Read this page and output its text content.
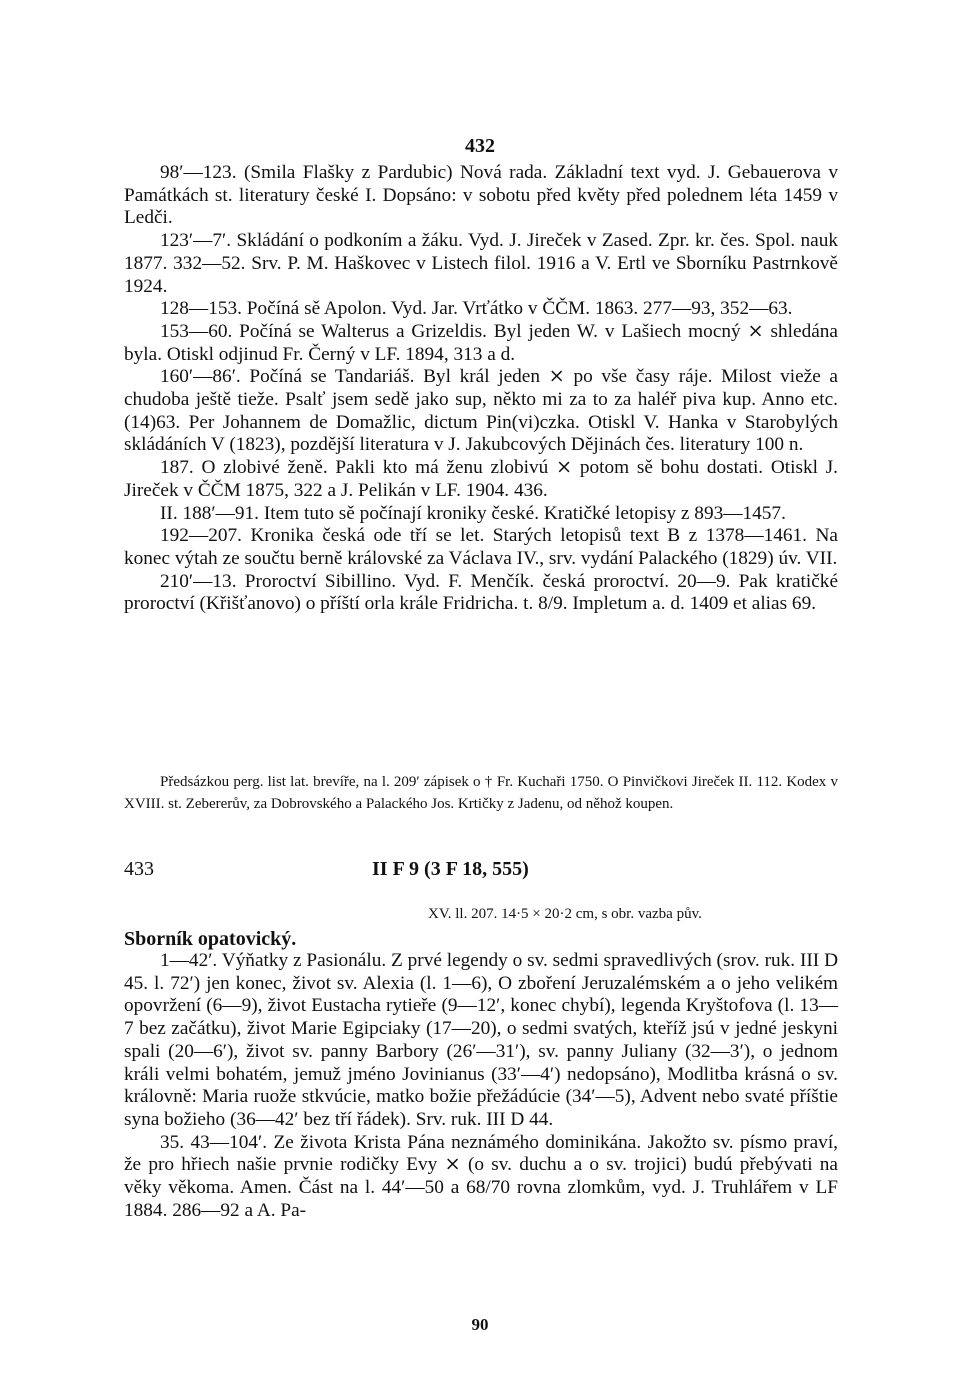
432

98′—123. (Smila Flašky z Pardubic) Nová rada. Základní text vyd. J. Gebauerova v Památkách st. literatury české I. Dopsáno: v sobotu před květy před polednem léta 1459 v Ledči.

123′—7′. Skládání o podkoním a žáku. Vyd. J. Jireček v Zased. Zpr. kr. čes. Spol. nauk 1877. 332—52. Srv. P. M. Haškovec v Listech filol. 1916 a V. Ertl ve Sborníku Pastrnkově 1924.

128—153. Počíná sě Apolon. Vyd. Jar. Vrťátko v ČČM. 1863. 277—93, 352—63.

153—60. Počíná se Walterus a Grizeldis. Byl jeden W. v Lašiech mocný ⨯ shledána byla. Otiskl odjinud Fr. Černý v LF. 1894, 313 a d.

160′—86′. Počíná se Tandariáš. Byl král jeden ⨯ po vše časy ráje. Milost vieže a chudoba ještě tieže. Psalť jsem sedě jako sup, někto mi za to za haléř piva kup. Anno etc. (14)63. Per Johannem de Domažlic, dictum Pin(vi)czka. Otiskl V. Hanka v Starobylých skládáních V (1823), pozdější literatura v J. Jakubcových Dějinách čes. literatury 100 n.

187. O zlobivé ženě. Pakli kto má ženu zlobivú ⨯ potom sě bohu dostati. Otiskl J. Jireček v ČČM 1875, 322 a J. Pelikán v LF. 1904. 436.

II. 188′—91. Item tuto sě počínají kroniky české. Kratičké letopisy z 893—1457.

192—207. Kronika česká ode tří se let. Starých letopisů text B z 1378—1461. Na konec výtah ze součtu berně královské za Václava IV., srv. vydání Palackého (1829) úv. VII.

210′—13. Proroctví Sibillino. Vyd. F. Menčík. česká proroctví. 20—9. Pak kratičké proroctví (Křišťanovo) o příští orla krále Fridricha. t. 8/9. Impletum a. d. 1409 et alias 69.

Předsázkou perg. list lat. brevíře, na l. 209′ zápisek o † Fr. Kuchaři 1750. O Pinvičkovi Jireček II. 112. Kodex v XVIII. st. Zebererův, za Dobrovského a Palackého Jos. Krtičky z Jadenu, od něhož koupen.
433	II F 9 (3 F 18, 555)
XV. ll. 207. 14·5 × 20·2 cm, s obr. vazba pův.
Sborník opatovický.

1—42′. Výňatky z Pasionálu. Z prvé legendy o sv. sedmi spravedlivých (srov. ruk. III D 45. l. 72′) jen konec, život sv. Alexia (l. 1—6), O zboření Jeruzalémském a o jeho velikém opovržení (6—9), život Eustacha rytieře (9—12′, konec chybí), legenda Kryštofova (l. 13—7 bez začátku), život Marie Egipciaky (17—20), o sedmi svatých, kteříž jsú v jedné jeskyni spali (20—6′), život sv. panny Barbory (26′—31′), sv. panny Juliany (32—3′), o jednom králi velmi bohatém, jemuž jméno Jovinianus (33′—4′) nedopsáno), Modlitba krásná o sv. královně: Maria ruože stkvúcie, matko božie přežádúcie (34′—5), Advent nebo svaté příštie syna božieho (36—42′ bez tří řádek). Srv. ruk. III D 44.

35. 43—104′. Ze života Krista Pána neznámého dominikána. Jakožto sv. písmo praví, že pro hřiech našie prvnie rodičky Evy ⨯ (o sv. duchu a o sv. trojici) budú přebývati na věky věkoma. Amen. Část na l. 44′—50 a 68/70 rovna zlomkům, vyd. J. Truhlářem v LF 1884. 286—92 a A. Pa-

90
